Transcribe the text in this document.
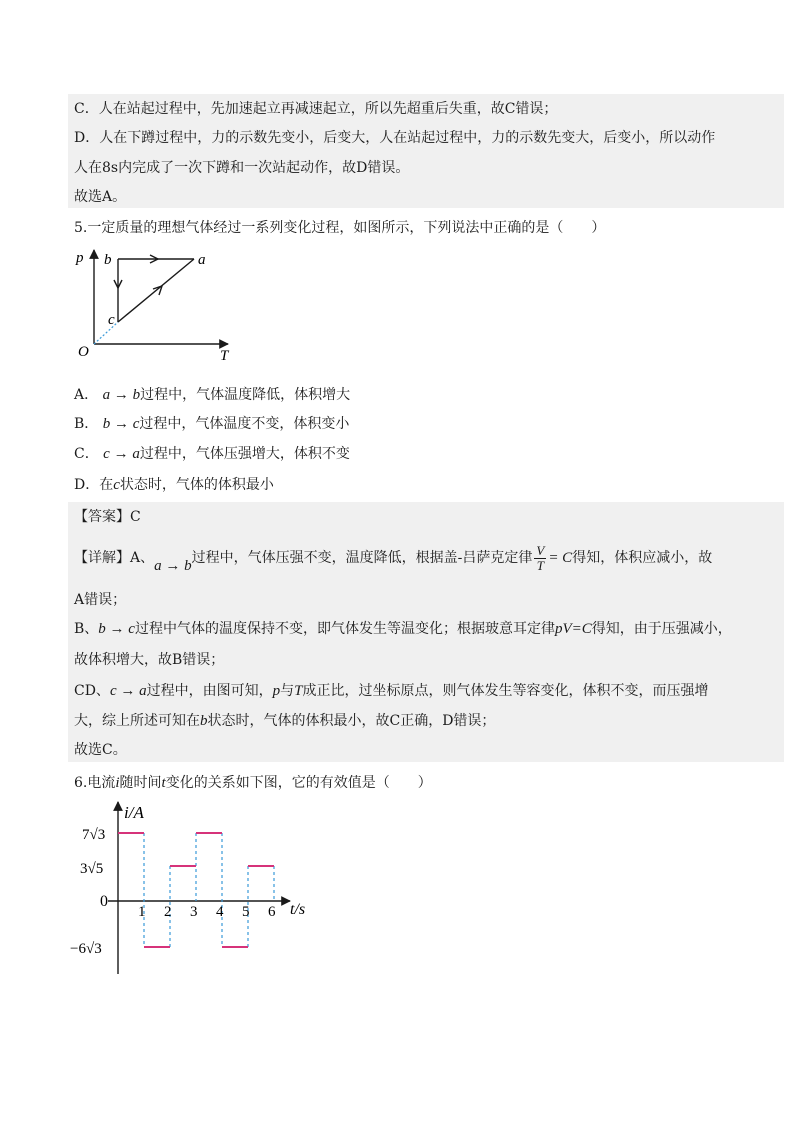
C．人在站起过程中，先加速起立再减速起立，所以先超重后失重，故C错误；
D．人在下蹲过程中，力的示数先变小，后变大，人在站起过程中，力的示数先变大，后变小，所以动作
人在8s内完成了一次下蹲和一次站起动作，故D错误。
故选A。
5.一定质量的理想气体经过一系列变化过程，如图所示，下列说法中正确的是（　　）
p
T
O
a
b
c
A． a → b过程中，气体温度降低，体积增大
B． b → c过程中，气体温度不变，体积变小
C． c → a过程中，气体压强增大，体积不变
D．在c状态时，气体的体积最小
【答案】C
【详解】A、a → b过程中，气体压强不变，温度降低，根据盖-吕萨克定律 $\frac{V}{T} = C$得知，体积应减小，故
A错误；
B、b → c过程中气体的温度保持不变，即气体发生等温变化；根据玻意耳定律pV=C得知，由于压强减小，
故体积增大，故B错误；
CD、c → a过程中，由图可知，p与T成正比，过坐标原点，则气体发生等容变化，体积不变，而压强增
大，综上所述可知在b状态时，气体的体积最小，故C正确，D错误；
故选C。
6.电流i随时间t变化的关系如下图，它的有效值是（　　）
i/A
t/s
0
7√3
3√5
−6√3
1 2 3 4 5 6
